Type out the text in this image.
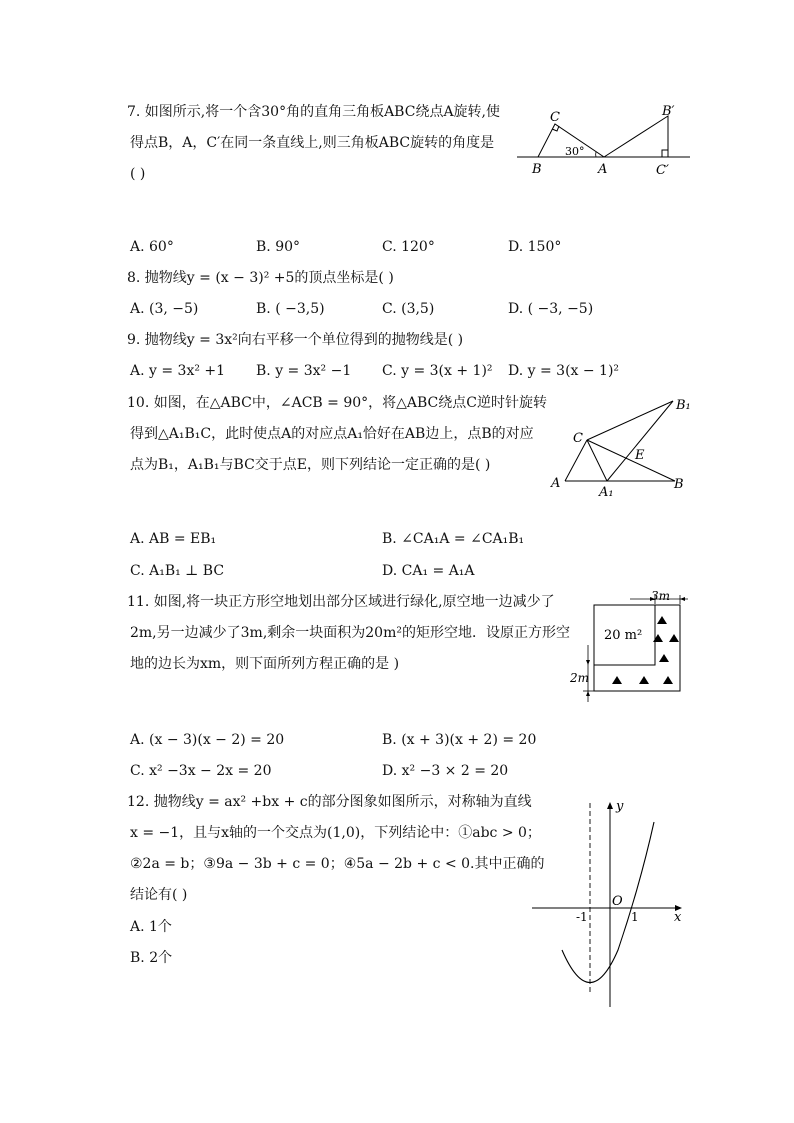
7. 如图所示,将一个含30°角的直角三角板ABC绕点A旋转,使
得点B，A，C′在同一条直线上,则三角板ABC旋转的角度是
( )
C	B′
30°
B	A	C′
A. 60°	B. 90°	C. 120°	D. 150°
8. 抛物线y = (x − 3)² +5的顶点坐标是( )
A. (3, −5)	B. ( −3,5)	C. (3,5)	D. ( −3, −5)
9. 抛物线y = 3x²向右平移一个单位得到的抛物线是( )
A. y = 3x² +1 B. y = 3x² −1 C. y = 3(x + 1)² D. y = 3(x − 1)²
10. 如图，在△ABC中，∠ACB = 90°，将△ABC绕点C逆时针旋转
得到△A₁B₁C，此时使点A的对应点A₁恰好在AB边上，点B的对应
点为B₁，A₁B₁与BC交于点E，则下列结论一定正确的是( )
B₁
C
E
A
A₁
B
A. AB = EB₁	B. ∠CA₁A = ∠CA₁B₁
C. A₁B₁ ⊥ BC	D. CA₁ = A₁A
11. 如图,将一块正方形空地划出部分区域进行绿化,原空地一边减少了
2m,另一边减少了3m,剩余一块面积为20m²的矩形空地．设原正方形空
地的边长为xm，则下面所列方程正确的是 )
3m
20 m²
2m
A. (x − 3)(x − 2) = 20	B. (x + 3)(x + 2) = 20
C. x² −3x − 2x = 20	D. x² −3 × 2 = 20
12. 抛物线y = ax² +bx + c的部分图象如图所示，对称轴为直线
x = −1，且与x轴的一个交点为(1,0)，下列结论中：①abc > 0；
②2a = b；③9a − 3b + c = 0；④5a − 2b + c < 0.其中正确的
结论有( )
A. 1个
B. 2个
y
O
-1	1	x
